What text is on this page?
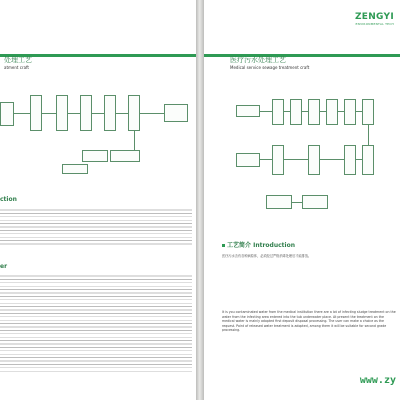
处理工艺
atment craft
ction
er
ZENGYI
ENVIRONMENTAL TECH
医疗污水处理工艺
Medical service sewage treatment craft
工艺简介 Introduction

医疗污水含有各种病原体，必须经过严格消毒处理后才能排放。

It is you contaminated water from the medical institution there are a lot of infecting sludge treatment on the water from the infecting area entered into the tub underwater place. At present the treatment on the medical water is mainly adopted first deposit disposal processing. The user can make a choice as the request. Point of released water treatment is adopted, among them it will be suitable for second grade processing.

www.zy
